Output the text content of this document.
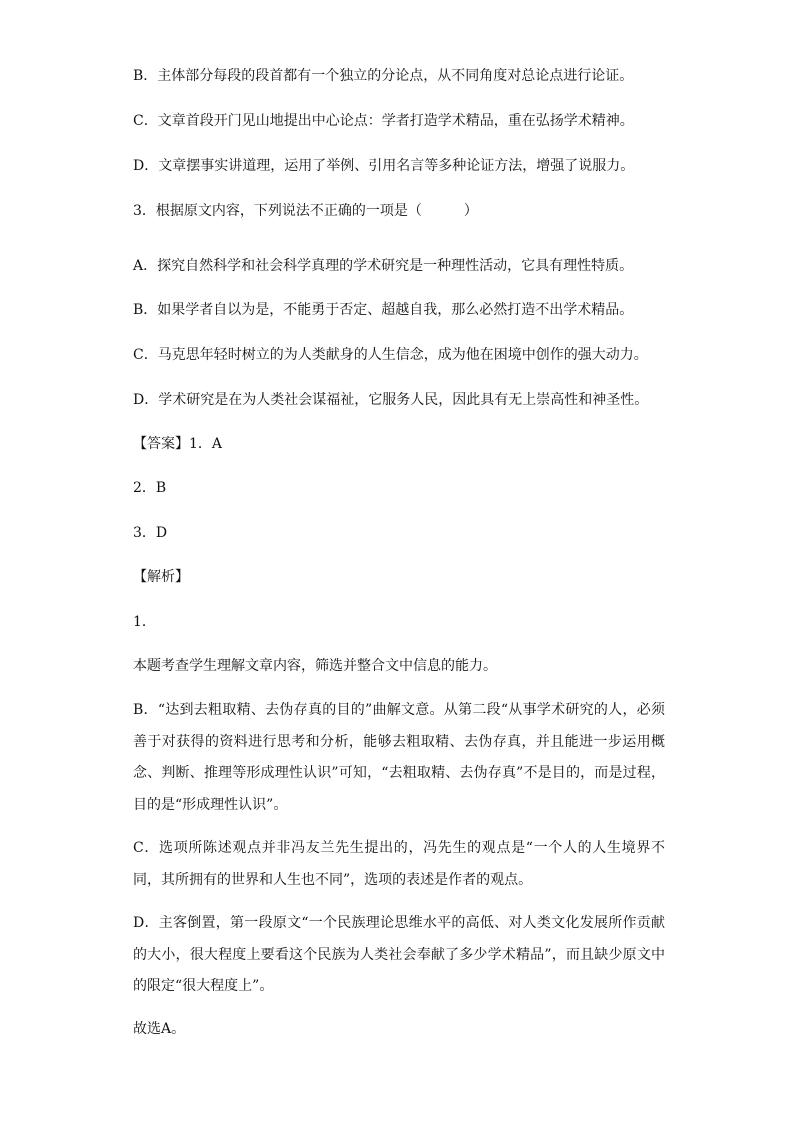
B．主体部分每段的段首都有一个独立的分论点，从不同角度对总论点进行论证。
C．文章首段开门见山地提出中心论点：学者打造学术精品，重在弘扬学术精神。
D．文章摆事实讲道理，运用了举例、引用名言等多种论证方法，增强了说服力。
3．根据原文内容，下列说法不正确的一项是（　　　）
A．探究自然科学和社会科学真理的学术研究是一种理性活动，它具有理性特质。
B．如果学者自以为是，不能勇于否定、超越自我，那么必然打造不出学术精品。
C．马克思年轻时树立的为人类献身的人生信念，成为他在困境中创作的强大动力。
D．学术研究是在为人类社会谋福祉，它服务人民，因此具有无上崇高性和神圣性。
【答案】1．A
2．B
3．D
【解析】
1．
本题考查学生理解文章内容，筛选并整合文中信息的能力。
B．“达到去粗取精、去伪存真的目的”曲解文意。从第二段“从事学术研究的人，必须善于对获得的资料进行思考和分析，能够去粗取精、去伪存真，并且能进一步运用概念、判断、推理等形成理性认识”可知，“去粗取精、去伪存真”不是目的，而是过程，目的是“形成理性认识”。
C．选项所陈述观点并非冯友兰先生提出的，冯先生的观点是“一个人的人生境界不同，其所拥有的世界和人生也不同”，选项的表述是作者的观点。
D．主客倒置，第一段原文“一个民族理论思维水平的高低、对人类文化发展所作贡献的大小，很大程度上要看这个民族为人类社会奉献了多少学术精品”，而且缺少原文中的限定“很大程度上”。
故选A。
